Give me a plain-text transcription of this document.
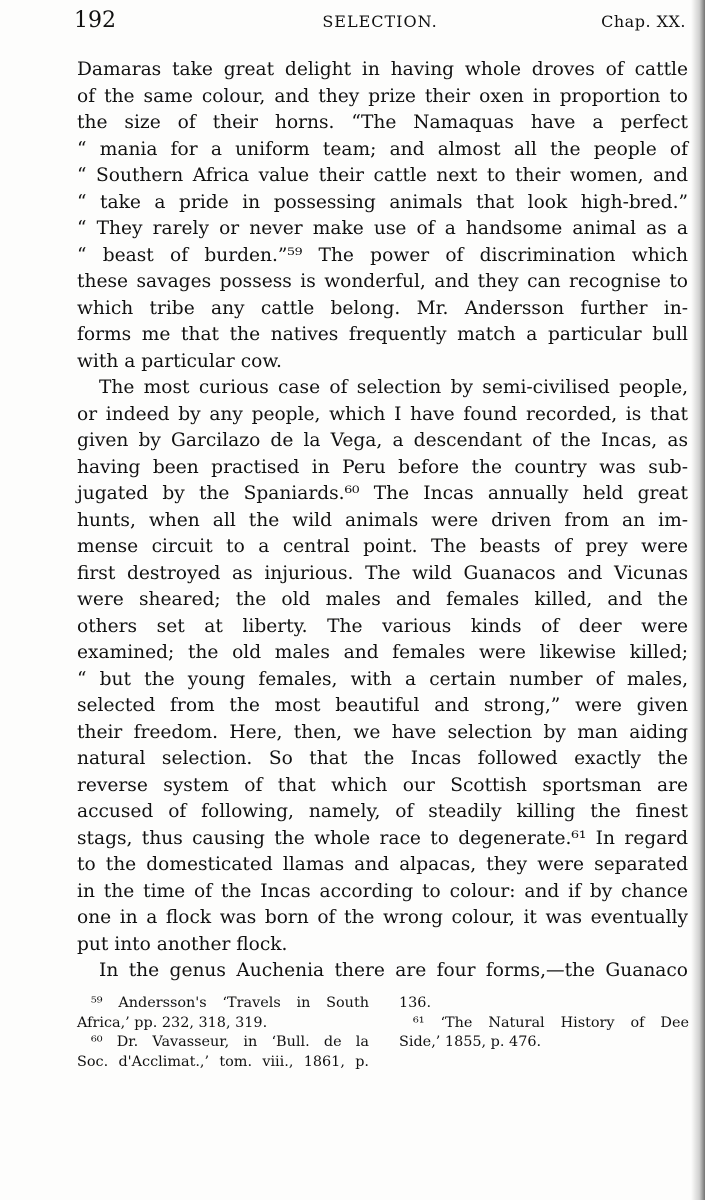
192	SELECTION.	Chap. XX.
Damaras take great delight in having whole droves of cattle
of the same colour, and they prize their oxen in proportion to
the size of their horns. “The Namaquas have a perfect
“ mania for a uniform team; and almost all the people of
“ Southern Africa value their cattle next to their women, and
“ take a pride in possessing animals that look high-bred.”
“ They rarely or never make use of a handsome animal as a
“ beast of burden.”⁵⁹ The power of discrimination which
these savages possess is wonderful, and they can recognise to
which tribe any cattle belong. Mr. Andersson further in-
forms me that the natives frequently match a particular bull
with a particular cow.
The most curious case of selection by semi-civilised people,
or indeed by any people, which I have found recorded, is that
given by Garcilazo de la Vega, a descendant of the Incas, as
having been practised in Peru before the country was sub-
jugated by the Spaniards.⁶⁰ The Incas annually held great
hunts, when all the wild animals were driven from an im-
mense circuit to a central point. The beasts of prey were
first destroyed as injurious. The wild Guanacos and Vicunas
were sheared; the old males and females killed, and the
others set at liberty. The various kinds of deer were
examined; the old males and females were likewise killed;
“ but the young females, with a certain number of males,
selected from the most beautiful and strong,” were given
their freedom. Here, then, we have selection by man aiding
natural selection. So that the Incas followed exactly the
reverse system of that which our Scottish sportsman are
accused of following, namely, of steadily killing the finest
stags, thus causing the whole race to degenerate.⁶¹ In regard
to the domesticated llamas and alpacas, they were separated
in the time of the Incas according to colour: and if by chance
one in a flock was born of the wrong colour, it was eventually
put into another flock.
In the genus Auchenia there are four forms,—the Guanaco
⁵⁹ Andersson's ‘Travels in South
Africa,’ pp. 232, 318, 319.
⁶⁰ Dr. Vavasseur, in ‘Bull. de la
Soc. d'Acclimat.,’ tom. viii., 1861, p.
136.
⁶¹ ‘The Natural History of Dee
Side,’ 1855, p. 476.
